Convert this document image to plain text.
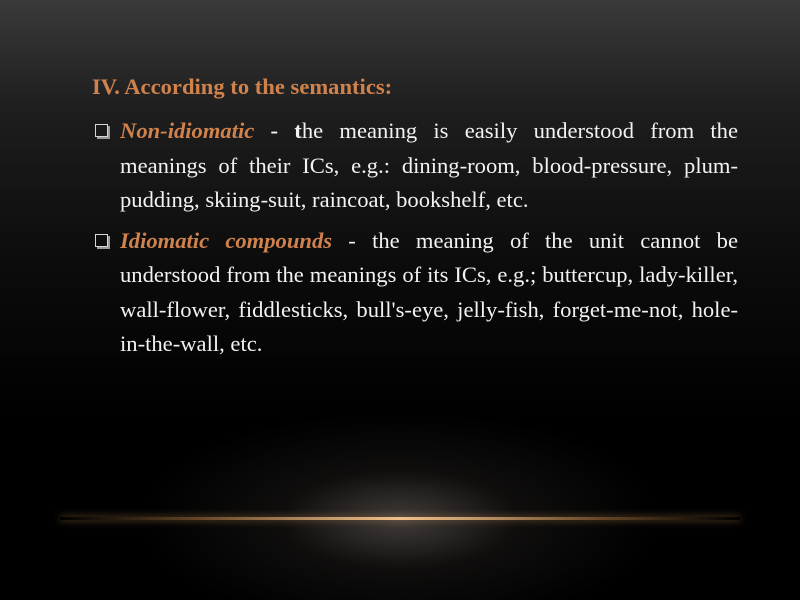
IV. According to the semantics:
Non-idiomatic - the meaning is easily understood from the meanings of their ICs, e.g.: dining-room, blood-pressure, plum-pudding, skiing-suit, raincoat, bookshelf, etc.
Idiomatic compounds - the meaning of the unit cannot be understood from the meanings of its ICs, e.g.; buttercup, lady-killer, wall-flower, fiddlesticks, bull's-eye, jelly-fish, forget-me-not, hole-in-the-wall, etc.
